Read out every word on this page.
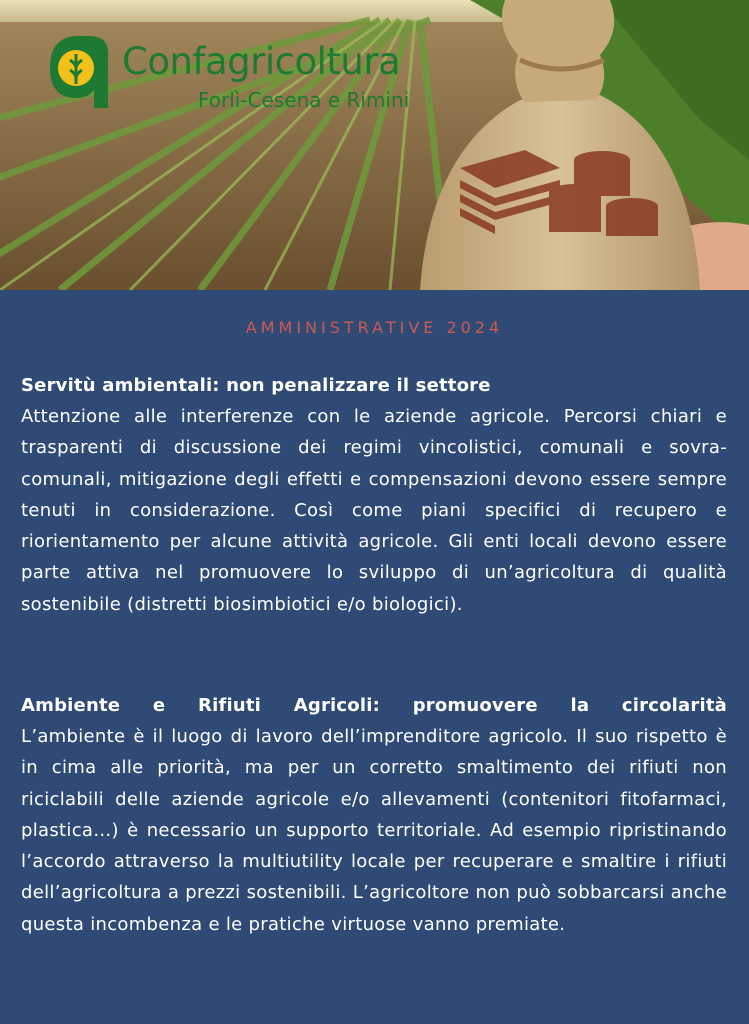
Confagricoltura
Forlì-Cesena e Rimini
AMMINISTRATIVE 2024
Servitù ambientali: non penalizzare il settore

Attenzione alle interferenze con le aziende agricole. Percorsi chiari e trasparenti di discussione dei regimi vincolistici, comunali e sovra-comunali, mitigazione degli effetti e compensazioni devono essere sempre tenuti in considerazione. Così come piani specifici di recupero e riorientamento per alcune attività agricole. Gli enti locali devono essere parte attiva nel promuovere lo sviluppo di un’agricoltura di qualità sostenibile (distretti biosimbiotici e/o biologici).

Ambiente e Rifiuti Agricoli: promuovere la circolarità

L’ambiente è il luogo di lavoro dell’imprenditore agricolo. Il suo rispetto è in cima alle priorità, ma per un corretto smaltimento dei rifiuti non riciclabili delle aziende agricole e/o allevamenti (contenitori fitofarmaci, plastica…) è necessario un supporto territoriale. Ad esempio ripristinando l’accordo attraverso la multiutility locale per recuperare e smaltire i rifiuti dell’agricoltura a prezzi sostenibili. L’agricoltore non può sobbarcarsi anche questa incombenza e le pratiche virtuose vanno premiate.
